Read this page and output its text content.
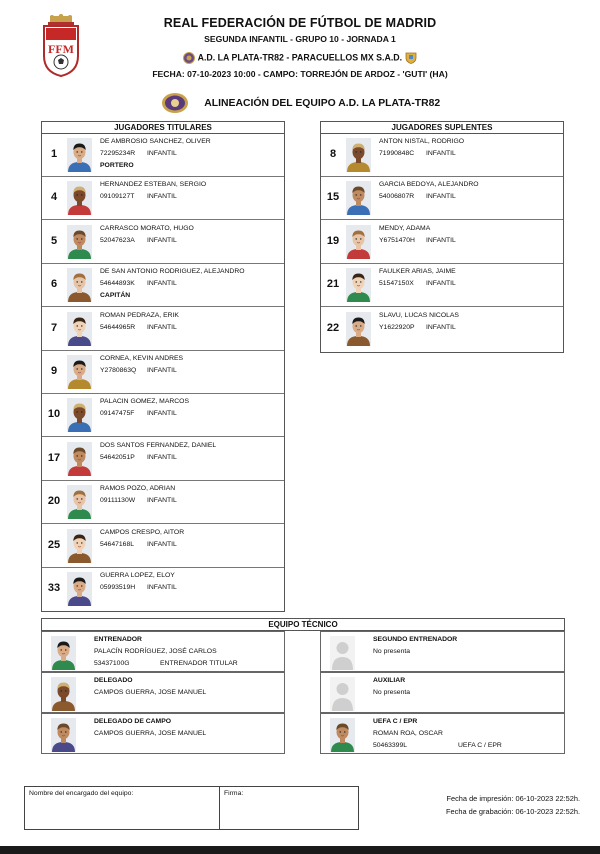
FFM
REAL FEDERACIÓN DE FÚTBOL DE MADRID
SEGUNDA INFANTIL - GRUPO 10 - JORNADA 1
A.D. LA PLATA-TR82 - PARACUELLOS MX S.A.D.
FECHA: 07-10-2023 10:00 - CAMPO: TORREJÓN DE ARDOZ - 'GUTI' (HA)
ALINEACIÓN DEL EQUIPO A.D. LA PLATA-TR82
JUGADORES TITULARES
1
DE AMBROSIO SANCHEZ, OLIVER
72295234R INFANTIL
PORTERO
4
HERNANDEZ ESTEBAN, SERGIO
09109127T INFANTIL
5
CARRASCO MORATO, HUGO
52047623A INFANTIL
6
DE SAN ANTONIO RODRIGUEZ, ALEJANDRO
54644893K INFANTIL
CAPITÁN
7
ROMAN PEDRAZA, ERIK
54644965R INFANTIL
9
CORNEA, KEVIN ANDRES
Y2780863Q INFANTIL
10
PALACIN GOMEZ, MARCOS
09147475F INFANTIL
17
DOS SANTOS FERNANDEZ, DANIEL
54642051P INFANTIL
20
RAMOS POZO, ADRIAN
09111130W INFANTIL
25
CAMPOS CRESPO, AITOR
54647168L INFANTIL
33
GUERRA LOPEZ, ELOY
05993519H INFANTIL
JUGADORES SUPLENTES
8
ANTON NISTAL, RODRIGO
71990848C INFANTIL
15
GARCIA BEDOYA, ALEJANDRO
54006807R INFANTIL
19
MENDY, ADAMA
Y6751470H INFANTIL
21
FAULKER ARIAS, JAIME
51547150X INFANTIL
22
SLAVU, LUCAS NICOLAS
Y1622920P INFANTIL
EQUIPO TÉCNICO
ENTRENADOR
PALACÍN RODRÍGUEZ, JOSÉ CARLOS
53437100G	ENTRENADOR TITULAR
DELEGADO
CAMPOS GUERRA, JOSE MANUEL
DELEGADO DE CAMPO
CAMPOS GUERRA, JOSE MANUEL
SEGUNDO ENTRENADOR
No presenta
AUXILIAR
No presenta
UEFA C / EPR
ROMAN ROA, OSCAR
50463399L	UEFA C / EPR
Nombre del encargado del equipo:	Firma:
Fecha de impresión: 06-10-2023 22:52h.
Fecha de grabación: 06-10-2023 22:52h.
